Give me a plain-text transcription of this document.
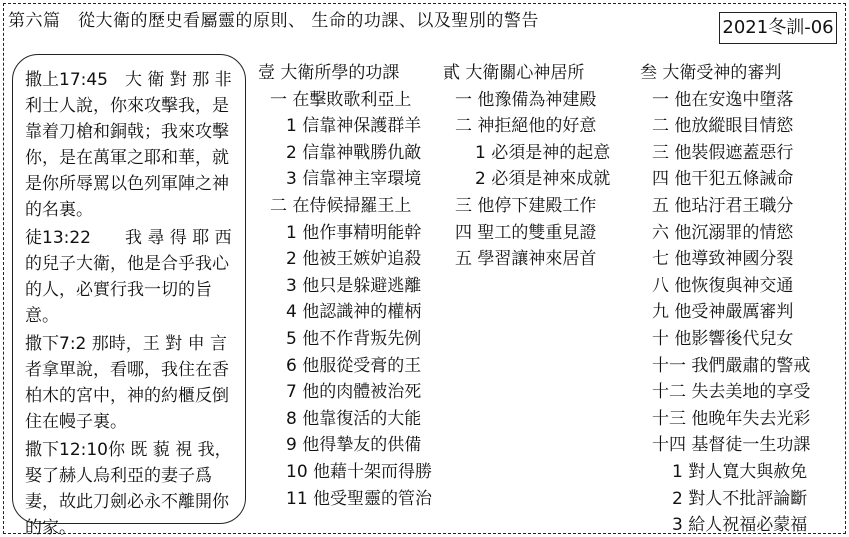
第六篇　從大衛的歷史看屬靈的原則、 生命的功課、以及聖別的警告	2021冬訓-06

撒上17:45　大 衛 對 那 非利士人說，你來攻擊我，是靠着刀槍和銅戟；我來攻擊你，是在萬軍之耶和華，就是你所辱罵以色列軍陣之神的名裏。

徒13:22　　我 尋 得 耶 西的兒子大衛，他是合乎我心的人，必實行我一切的旨意。

撒下7:2 那時，王 對 申 言者拿單說，看哪，我住在香柏木的宮中，神的約櫃反倒住在幔子裏。

撒下12:10你 既 藐 視 我，娶了赫人烏利亞的妻子爲妻，故此刀劍必永不離開你的家。

壹 大衛所學的功課
一 在擊敗歌利亞上
1 信靠神保護群羊
2 信靠神戰勝仇敵
3 信靠神主宰環境
二 在侍候掃羅王上
1 他作事精明能幹
2 他被王嫉妒追殺
3 他只是躲避逃離
4 他認識神的權柄
5 他不作背叛先例
6 他服從受膏的王
7 他的肉體被治死
8 他靠復活的大能
9 他得摯友的供備
10 他藉十架而得勝
11 他受聖靈的管治
貳 大衛關心神居所
一 他豫備為神建殿
二 神拒絕他的好意
1 必須是神的起意
2 必須是神來成就
三 他停下建殿工作
四 聖工的雙重見證
五 學習讓神來居首
叁 大衛受神的審判
一 他在安逸中墮落
二 他放縱眼目情慾
三 他裝假遮蓋惡行
四 他干犯五條誡命
五 他玷汙君王職分
六 他沉溺罪的情慾
七 他導致神國分裂
八 他恢復與神交通
九 他受神嚴厲審判
十 他影響後代兒女
十一 我們嚴肅的警戒
十二 失去美地的享受
十三 他晚年失去光彩
十四 基督徒一生功課
1 對人寬大與赦免
2 對人不批評論斷
3 給人祝福必蒙福
